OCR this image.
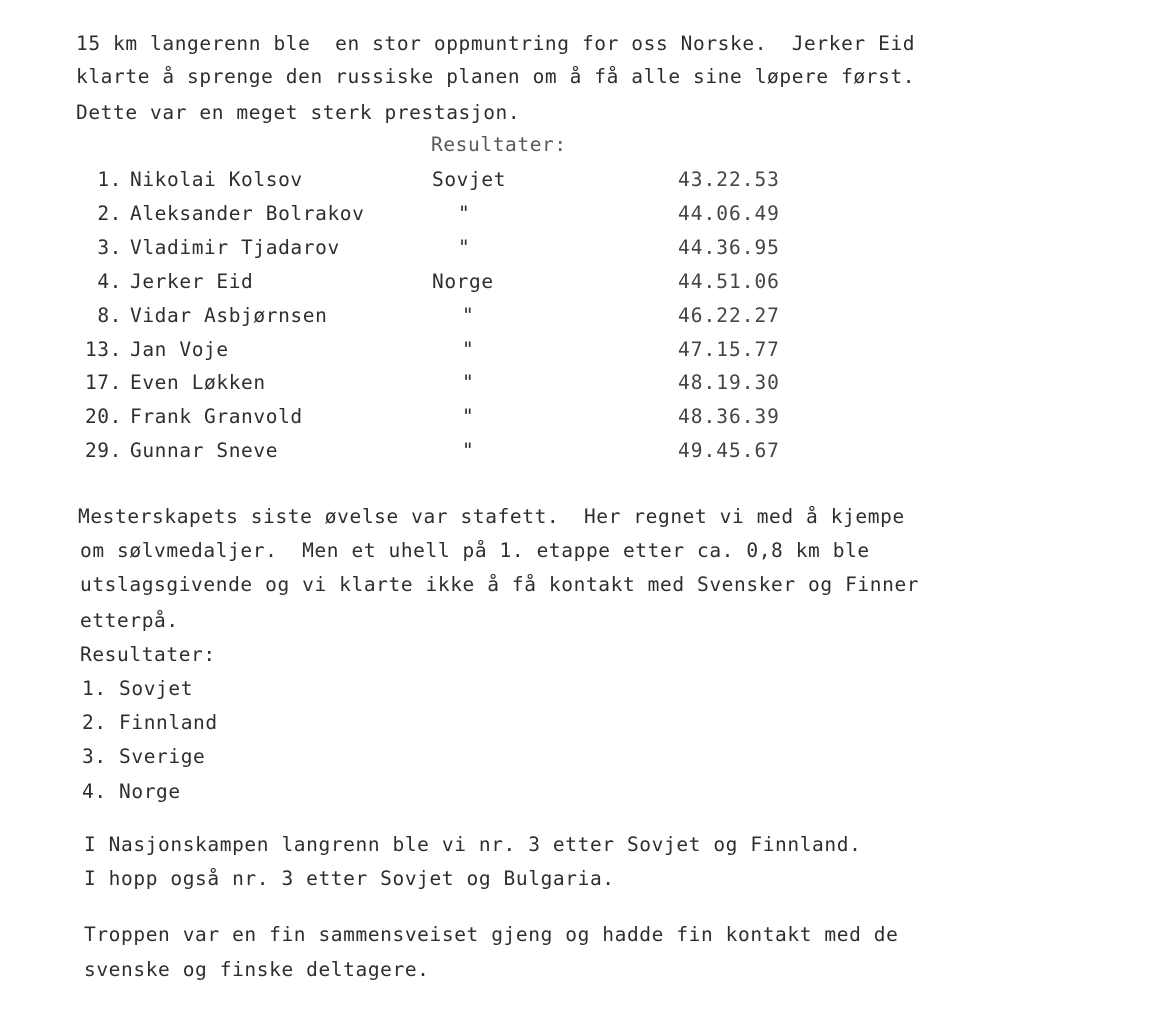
15 km langerenn ble  en stor oppmuntring for oss Norske.  Jerker Eid
klarte å sprenge den russiske planen om å få alle sine løpere først.
Dette var en meget sterk prestasjon.
Resultater:
1. Nikolai Kolsov	Sovjet	43.22.53
2. Aleksander Bolrakov	"	44.06.49
3. Vladimir Tjadarov	"	44.36.95
4. Jerker Eid	Norge	44.51.06
8. Vidar Asbjørnsen	"	46.22.27
13. Jan Voje	"	47.15.77
17. Even Løkken	"	48.19.30
20. Frank Granvold	"	48.36.39
29. Gunnar Sneve	"	49.45.67
Mesterskapets siste øvelse var stafett.  Her regnet vi med å kjempe
om sølvmedaljer.  Men et uhell på 1. etappe etter ca. 0,8 km ble
utslagsgivende og vi klarte ikke å få kontakt med Svensker og Finner
etterpå.
Resultater:
1. Sovjet
2. Finnland
3. Sverige
4. Norge
I Nasjonskampen langrenn ble vi nr. 3 etter Sovjet og Finnland.
I hopp også nr. 3 etter Sovjet og Bulgaria.
Troppen var en fin sammensveiset gjeng og hadde fin kontakt med de
svenske og finske deltagere.
